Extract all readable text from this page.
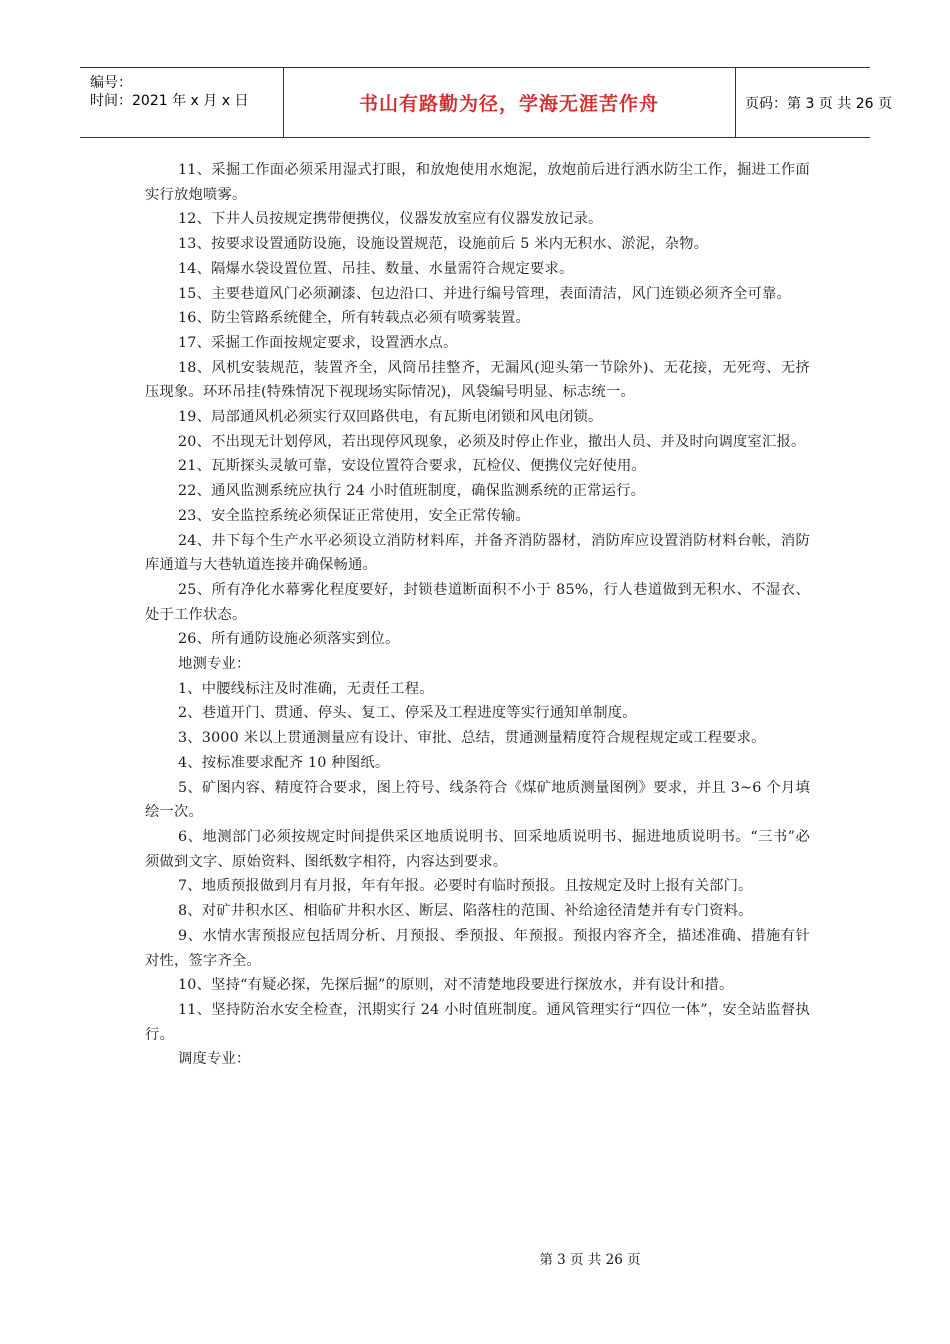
编号：
时间：2021 年 x 月 x 日	书山有路勤为径，学海无涯苦作舟	页码：第 3 页 共 26 页

11、采掘工作面必须采用湿式打眼，和放炮使用水炮泥，放炮前后进行洒水防尘工作，掘进工作面实行放炮喷雾。

12、下井人员按规定携带便携仪，仪器发放室应有仪器发放记录。

13、按要求设置通防设施，设施设置规范，设施前后 5 米内无积水、淤泥，杂物。

14、隔爆水袋设置位置、吊挂、数量、水量需符合规定要求。

15、主要巷道风门必须涮漆、包边沿口、并进行编号管理，表面清洁，风门连锁必须齐全可靠。

16、防尘管路系统健全，所有转载点必须有喷雾装置。

17、采掘工作面按规定要求，设置洒水点。

18、风机安装规范，装置齐全，风筒吊挂整齐，无漏风(迎头第一节除外)、无花接，无死弯、无挤压现象。环环吊挂(特殊情况下视现场实际情况)，风袋编号明显、标志统一。

19、局部通风机必须实行双回路供电，有瓦斯电闭锁和风电闭锁。

20、不出现无计划停风，若出现停风现象，必须及时停止作业，撤出人员、并及时向调度室汇报。

21、瓦斯探头灵敏可靠，安设位置符合要求，瓦检仪、便携仪完好使用。

22、通风监测系统应执行 24 小时值班制度，确保监测系统的正常运行。

23、安全监控系统必须保证正常使用，安全正常传输。

24、井下每个生产水平必须设立消防材料库，并备齐消防器材，消防库应设置消防材料台帐，消防库通道与大巷轨道连接并确保畅通。

25、所有净化水幕雾化程度要好，封锁巷道断面积不小于 85%，行人巷道做到无积水、不湿衣、处于工作状态。

26、所有通防设施必须落实到位。

地测专业：

1、中腰线标注及时准确，无责任工程。

2、巷道开门、贯通、停头、复工、停采及工程进度等实行通知单制度。

3、3000 米以上贯通测量应有设计、审批、总结，贯通测量精度符合规程规定或工程要求。

4、按标准要求配齐 10 种图纸。

5、矿图内容、精度符合要求，图上符号、线条符合《煤矿地质测量图例》要求，并且 3~6 个月填绘一次。

6、地测部门必须按规定时间提供采区地质说明书、回采地质说明书、掘进地质说明书。“三书”必须做到文字、原始资料、图纸数字相符，内容达到要求。

7、地质预报做到月有月报，年有年报。必要时有临时预报。且按规定及时上报有关部门。

8、对矿井积水区、相临矿井积水区、断层、陷落柱的范围、补给途径清楚并有专门资料。

9、水情水害预报应包括周分析、月预报、季预报、年预报。预报内容齐全，描述准确、措施有针对性，签字齐全。

10、坚持“有疑必探，先探后掘”的原则，对不清楚地段要进行探放水，并有设计和措。

11、坚持防治水安全检查，汛期实行 24 小时值班制度。通风管理实行“四位一体”，安全站监督执行。

调度专业：

第 3 页 共 26 页
